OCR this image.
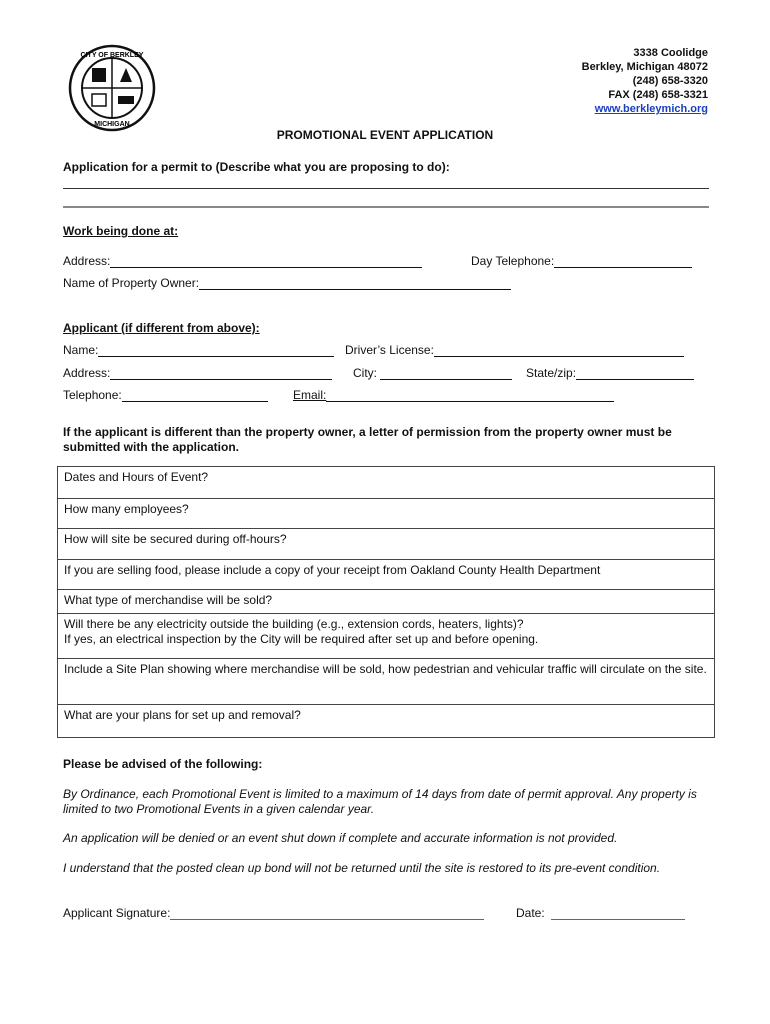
CITY OF BERKLEY
MICHIGAN
3338 Coolidge
Berkley, Michigan 48072
(248) 658-3320
FAX (248) 658-3321
www.berkleymich.org
PROMOTIONAL EVENT APPLICATION
Application for a permit to (Describe what you are proposing to do):
Work being done at:
Address:	Day Telephone:
Name of Property Owner:
Applicant (if different from above):
Name:	Driver’s License:
Address:	City:	State/zip:
Telephone:	Email:
If the applicant is different than the property owner, a letter of permission from the property owner must be submitted with the application.
Dates and Hours of Event?
How many employees?
How will site be secured during off-hours?
If you are selling food, please include a copy of your receipt from Oakland County Health Department
What type of merchandise will be sold?
Will there be any electricity outside the building (e.g., extension cords, heaters, lights)?
If yes, an electrical inspection by the City will be required after set up and before opening.
Include a Site Plan showing where merchandise will be sold, how pedestrian and vehicular traffic will circulate on the site.
What are your plans for set up and removal?
Please be advised of the following:
By Ordinance, each Promotional Event is limited to a maximum of 14 days from date of permit approval. Any property is limited to two Promotional Events in a given calendar year.
An application will be denied or an event shut down if complete and accurate information is not provided.
I understand that the posted clean up bond will not be returned until the site is restored to its pre-event condition.
Applicant Signature:	Date:
